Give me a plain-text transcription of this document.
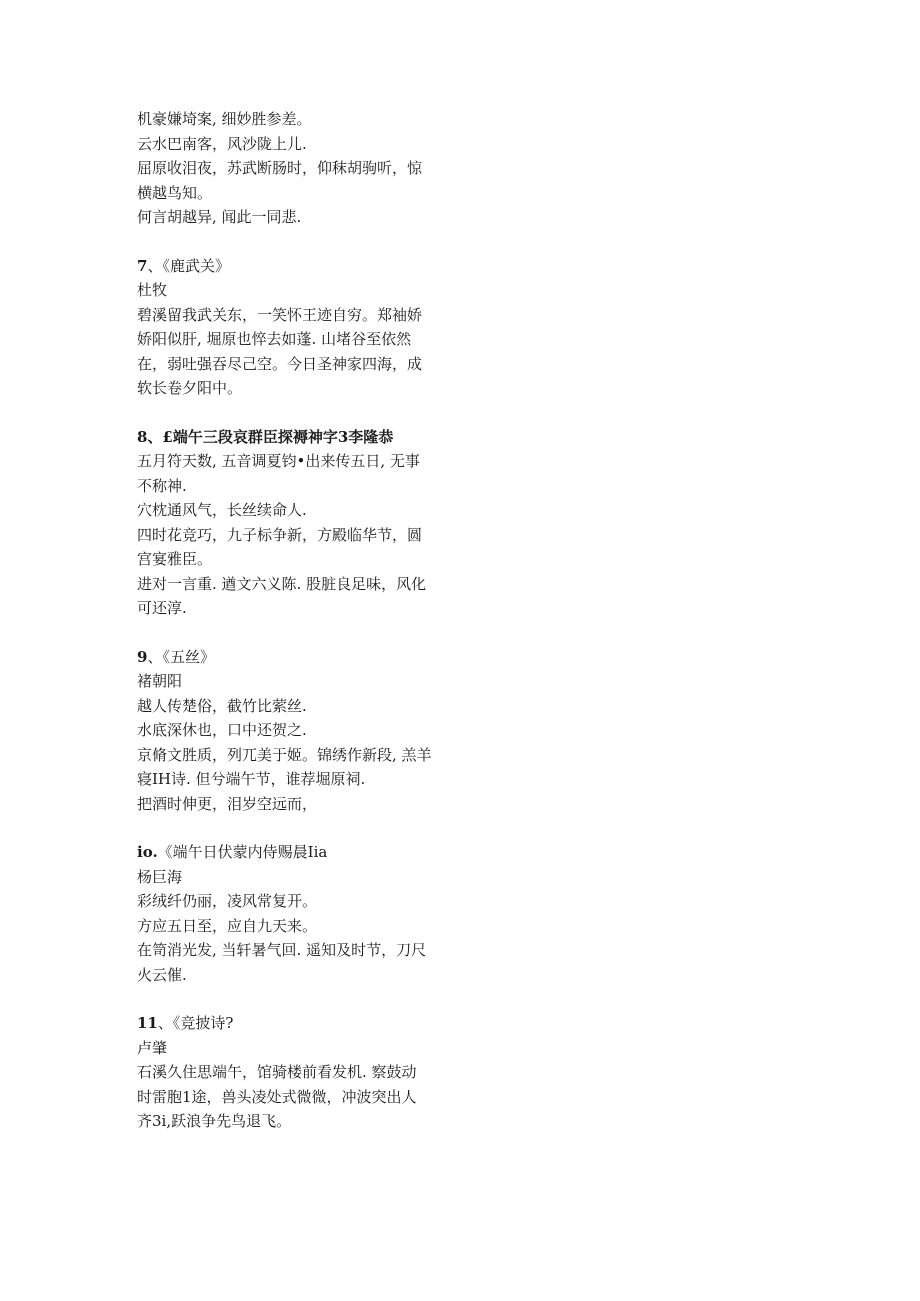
机豪嫌埼案, 细妙胜参差。
云水巴南客，风沙陇上儿.
屈原收泪夜，苏武断肠时，仰秣胡驹听，惊
横越鸟知。
何言胡越异, 闻此一同悲.
7、《鹿武关》
杜牧
碧溪留我武关东，一笑怀王迹自穷。郑袖娇
娇阳似肝, 堀原也悴去如蓬. 山堵谷至依然
在，弱吐强吞尽己空。今日圣神家四海，成
软长卷夕阳中。
8、£端午三段哀群臣探褥神字3李隆恭
五月符天数, 五音调夏钧•出来传五日, 无事
不称神.
穴枕通风气，长丝续命人.
四时花竞巧，九子标争新，方殿临华节，圆
宫宴雅臣。
进对一言重. 遒文六义陈. 股脏良足味，风化
可还淳.
9、《五丝》
褚朝阳
越人传楚俗，截竹比萦丝.
水底深休也，口中还贺之.
京脩文胜质，列兀美于姬。锦绣作新段, 羔羊
寝IH诗. 但兮端午节，谁荐堀原祠.
把酒时伸更，泪岁空远而，
io.《端午日伏蒙内侍赐晨Iia
杨巨海
彩绒纤仍丽，凌风常复开。
方应五日至，应自九天来。
在笥消光发, 当轩暑气回. 遥知及时节，刀尺
火云催.
11、《竞披诗?
卢肇
石溪久住思端午，馆骑楼前看发机. 察鼓动
时雷胞1途，兽头凌处式微微，冲波突出人
齐3i,跃浪争先鸟退飞。
